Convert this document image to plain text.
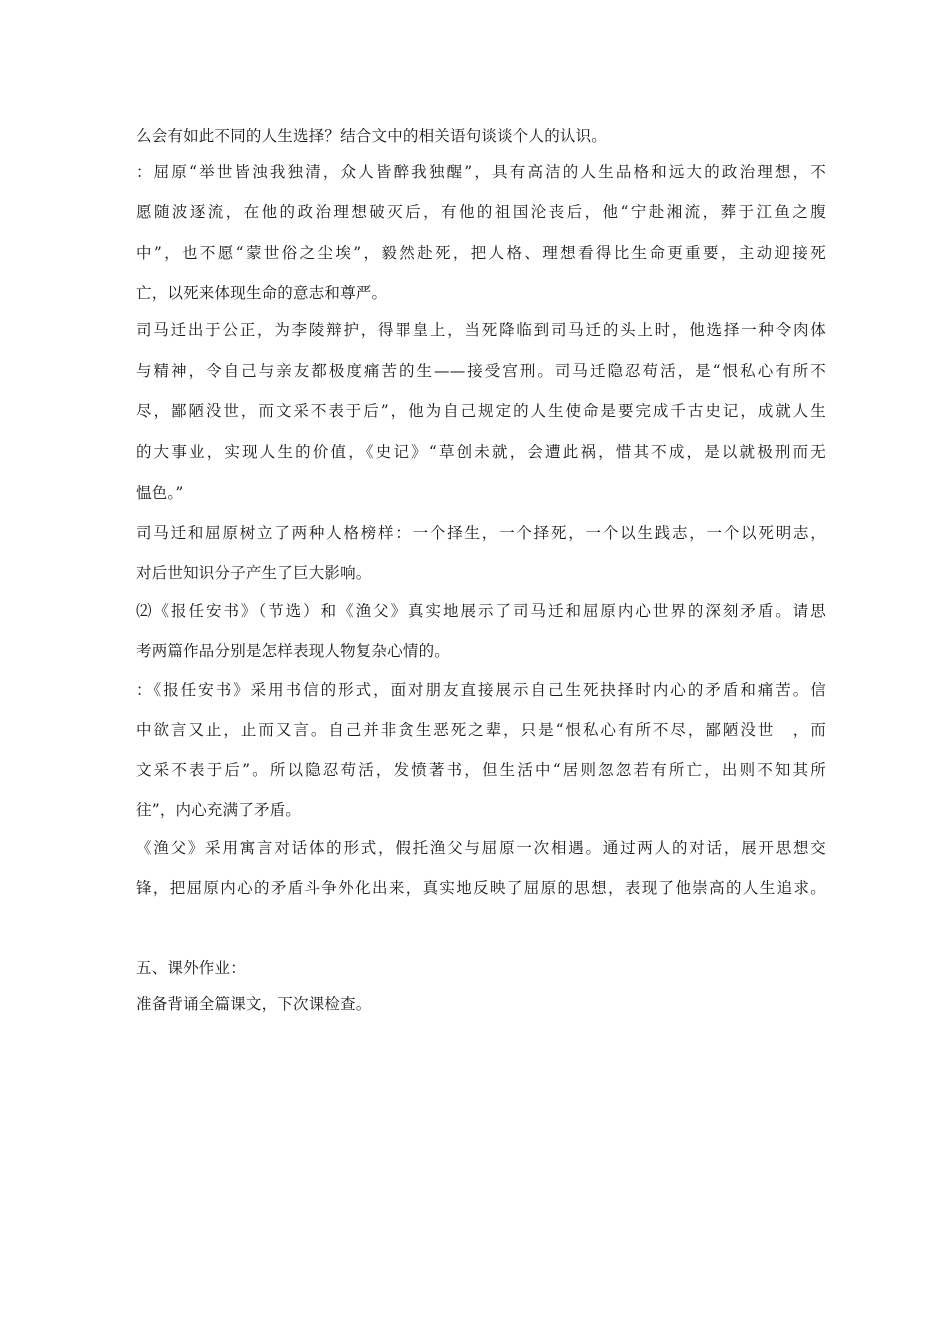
么会有如此不同的人生选择？结合文中的相关语句谈谈个人的认识。
：屈原“举世皆浊我独清，众人皆醉我独醒”，具有高洁的人生品格和远大的政治理想，不
愿随波逐流，在他的政治理想破灭后，有他的祖国沦丧后，他“宁赴湘流，葬于江鱼之腹
中”，也不愿“蒙世俗之尘埃”，毅然赴死，把人格、理想看得比生命更重要，主动迎接死
亡，以死来体现生命的意志和尊严。
司马迁出于公正，为李陵辩护，得罪皇上，当死降临到司马迁的头上时，他选择一种令肉体
与精神，令自己与亲友都极度痛苦的生——接受宫刑。司马迁隐忍苟活，是“恨私心有所不
尽，鄙陋没世，而文采不表于后”，他为自己规定的人生使命是要完成千古史记，成就人生
的大事业，实现人生的价值，《史记》“草创未就，会遭此祸，惜其不成，是以就极刑而无
愠色。”
司马迁和屈原树立了两种人格榜样：一个择生，一个择死，一个以生践志，一个以死明志，
对后世知识分子产生了巨大影响。
⑵《报任安书》（节选）和《渔父》真实地展示了司马迁和屈原内心世界的深刻矛盾。请思
考两篇作品分别是怎样表现人物复杂心情的。
：《报任安书》采用书信的形式，面对朋友直接展示自己生死抉择时内心的矛盾和痛苦。信
中欲言又止，止而又言。自己并非贪生恶死之辈，只是“恨私心有所不尽，鄙陋没世　，而
文采不表于后”。所以隐忍苟活，发愤著书，但生活中“居则忽忽若有所亡，出则不知其所
往”，内心充满了矛盾。
《渔父》采用寓言对话体的形式，假托渔父与屈原一次相遇。通过两人的对话，展开思想交
锋，把屈原内心的矛盾斗争外化出来，真实地反映了屈原的思想，表现了他崇高的人生追求。
五、课外作业：
准备背诵全篇课文，下次课检查。
